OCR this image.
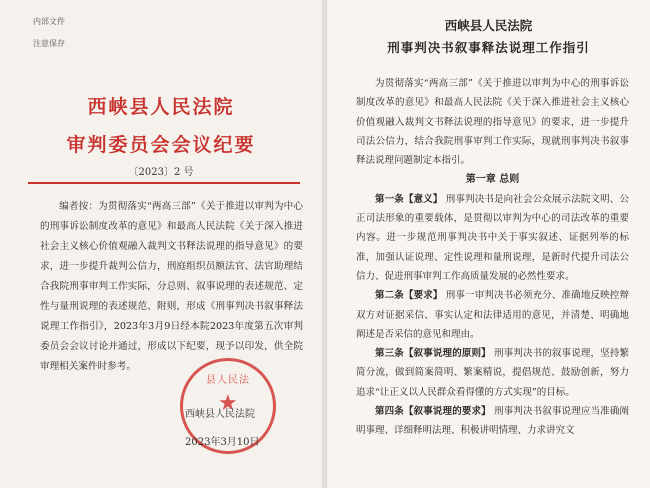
内部文件
注意保存
西峡县人民法院
审判委员会会议纪要
〔2023〕2 号
编者按：为贯彻落实“两高三部”《关于推进以审判为中心的刑事诉讼制度改革的意见》和最高人民法院《关于深入推进社会主义核心价值观融入裁判文书释法说理的指导意见》的要求，进一步提升裁判公信力，刑庭组织员额法官、法官助理结合我院刑事审判工作实际，分总则、叙事说理的表述规范、定性与量刑说理的表述规范、附则，形成《刑事判决书叙事释法说理工作指引》，2023年3月9日经本院2023年度第五次审判委员会会议讨论并通过，形成以下纪要，现予以印发，供全院审理相关案件时参考。
县人民法
★
西峡县人民法院
2023年3月10日
西峡县人民法院
刑事判决书叙事释法说理工作指引

为贯彻落实“两高三部”《关于推进以审判为中心的刑事诉讼制度改革的意见》和最高人民法院《关于深入推进社会主义核心价值观融入裁判文书释法说理的指导意见》的要求，进一步提升司法公信力，结合我院刑事审判工作实际，现就刑事判决书叙事释法说理问题制定本指引。

第一章 总则

第一条【意义】 刑事判决书是向社会公众展示法院文明、公正司法形象的重要载体，是贯彻以审判为中心的司法改革的重要内容。进一步规范刑事判决书中关于事实叙述、证据列举的标准，加强认证说理、定性说理和量刑说理，是新时代提升司法公信力、促进刑事审判工作高质量发展的必然性要求。

第二条【要求】 刑事一审判决书必须充分、准确地反映控辩双方对证据采信、事实认定和法律适用的意见，并清楚、明确地阐述是否采信的意见和理由。

第三条【叙事说理的原则】 刑事判决书的叙事说理，坚持繁简分流，做到简案简明、繁案精说，提倡规范、鼓励创新，努力追求“让正义以人民群众看得懂的方式实现”的目标。

第四条【叙事说理的要求】 刑事判决书叙事说理应当准确阐明事理、详细释明法理、积极讲明情理、力求讲究文
